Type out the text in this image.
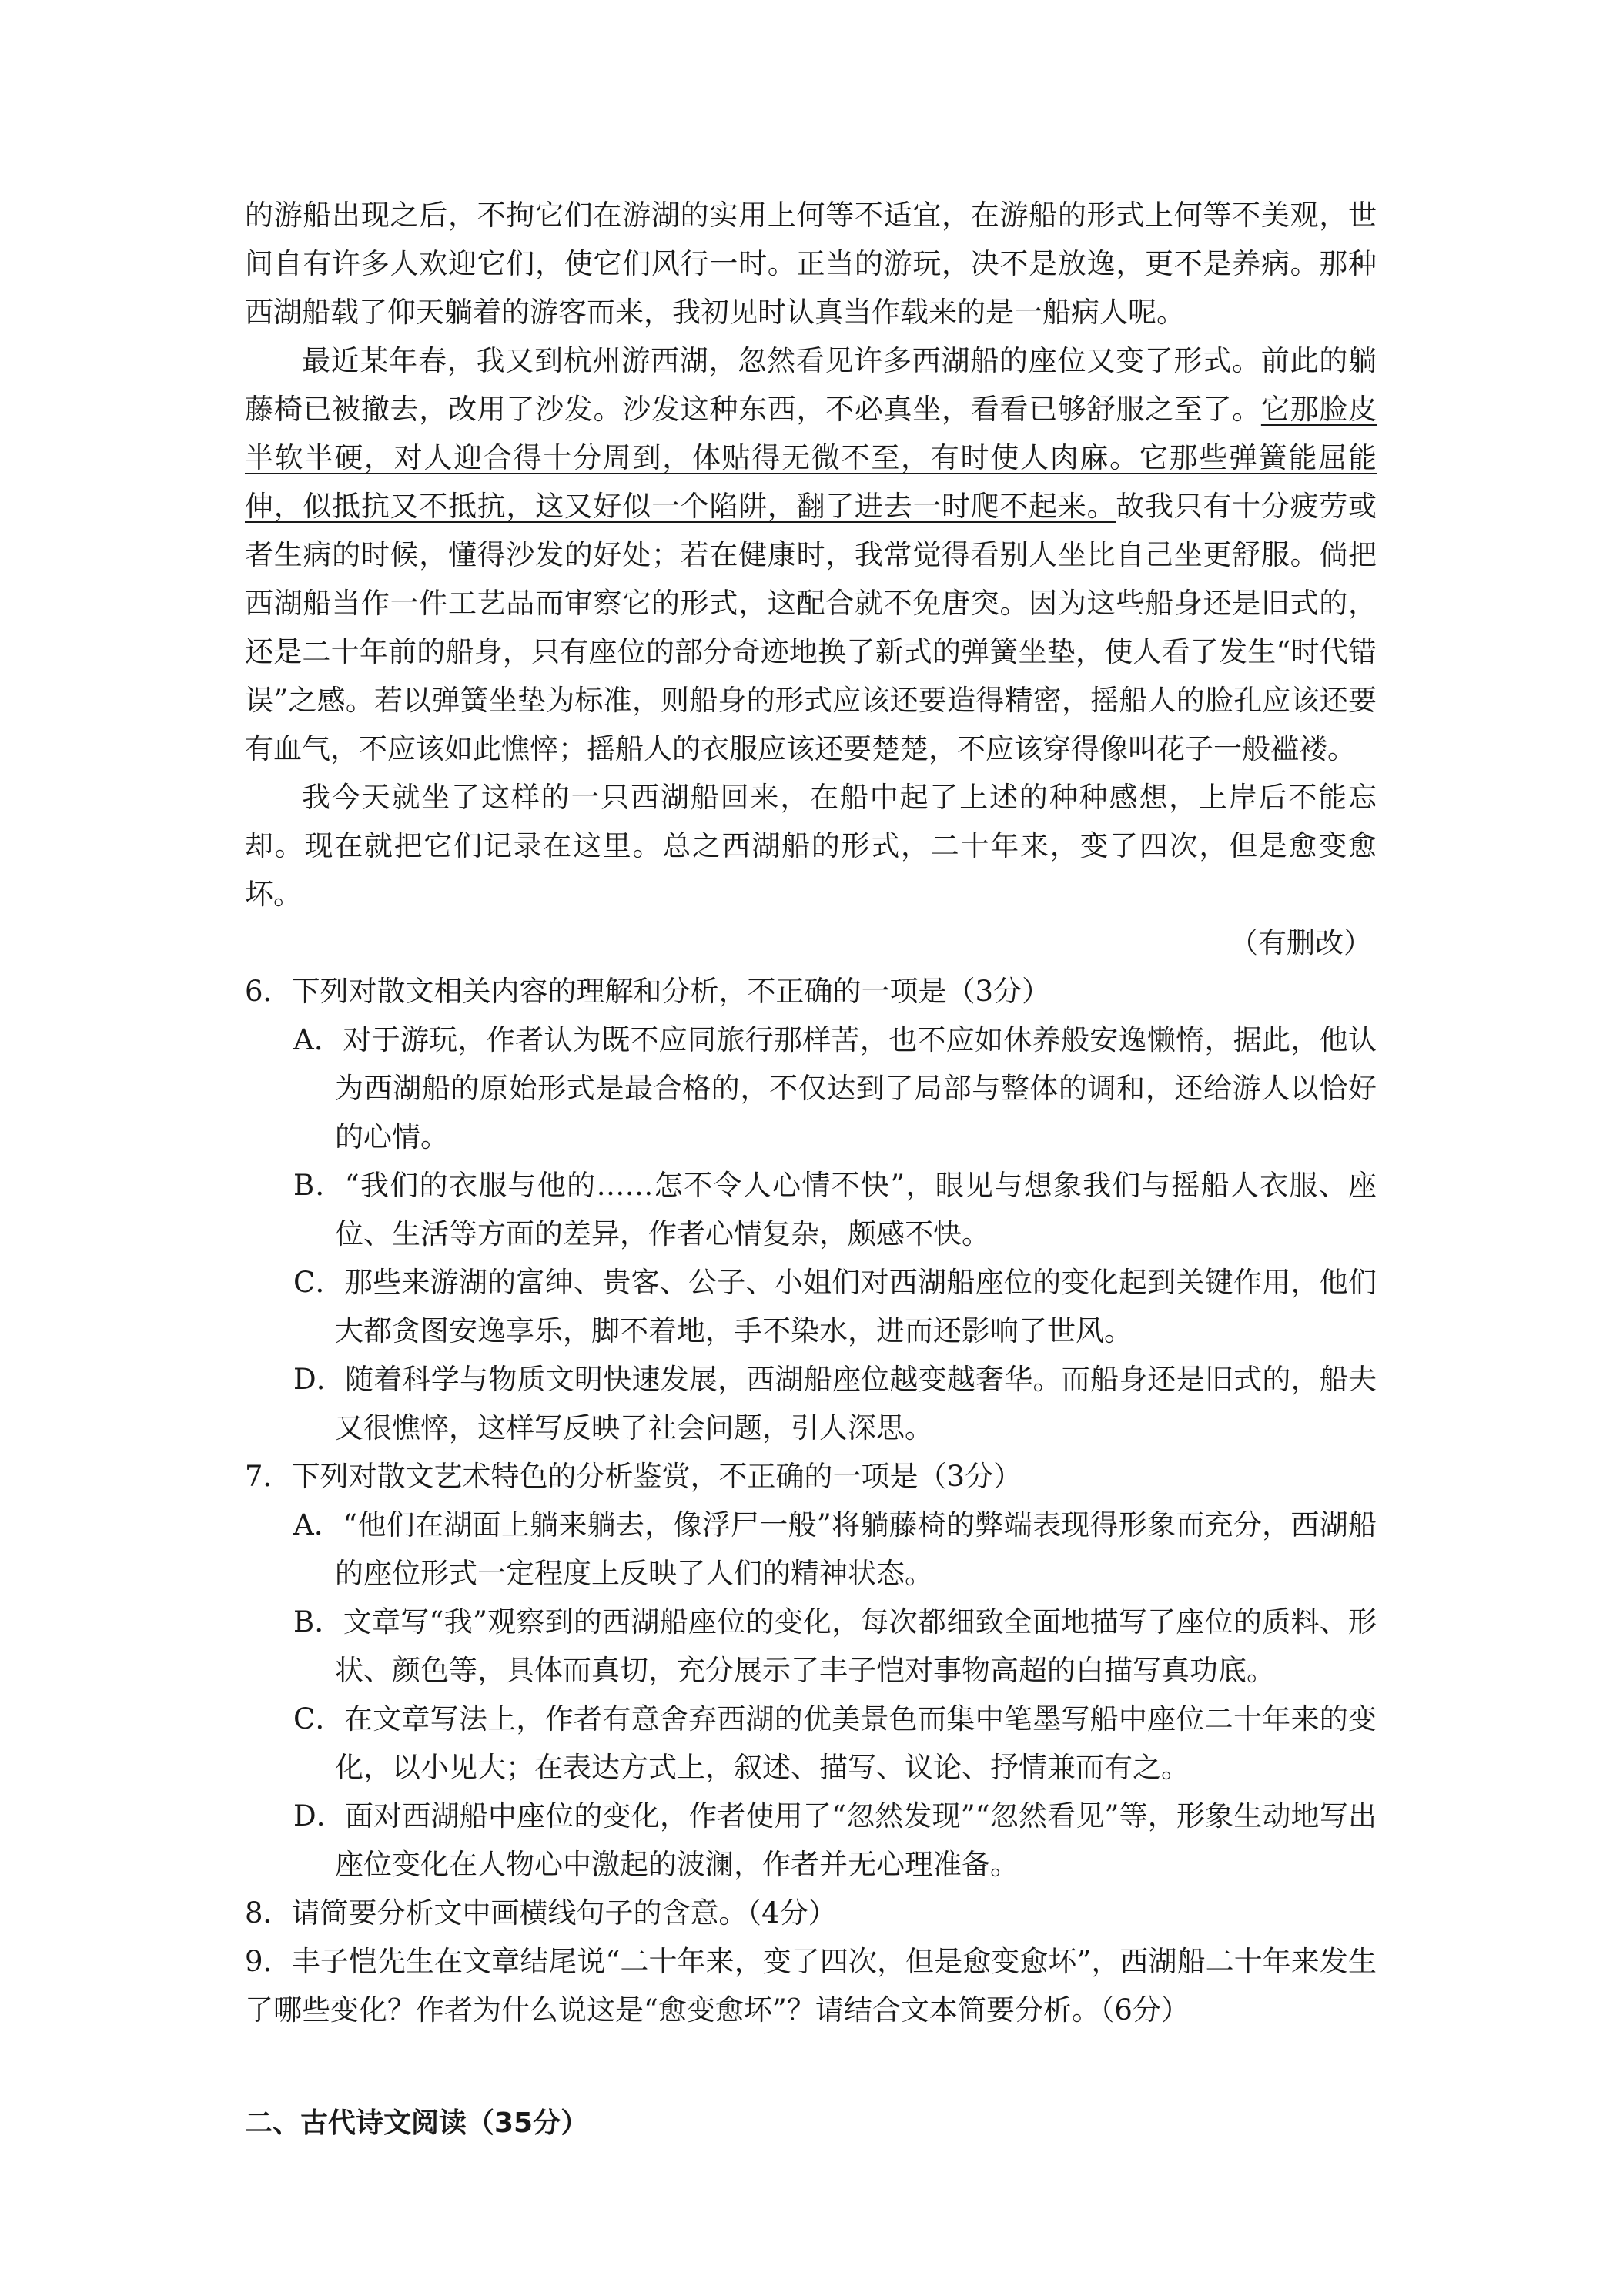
的游船出现之后，不拘它们在游湖的实用上何等不适宜，在游船的形式上何等不美观，世间自有许多人欢迎它们，使它们风行一时。正当的游玩，决不是放逸，更不是养病。那种西湖船载了仰天躺着的游客而来，我初见时认真当作载来的是一船病人呢。

最近某年春，我又到杭州游西湖，忽然看见许多西湖船的座位又变了形式。前此的躺藤椅已被撤去，改用了沙发。沙发这种东西，不必真坐，看看已够舒服之至了。它那脸皮半软半硬，对人迎合得十分周到，体贴得无微不至，有时使人肉麻。它那些弹簧能屈能伸，似抵抗又不抵抗，这又好似一个陷阱，翻了进去一时爬不起来。故我只有十分疲劳或者生病的时候，懂得沙发的好处；若在健康时，我常觉得看别人坐比自己坐更舒服。倘把西湖船当作一件工艺品而审察它的形式，这配合就不免唐突。因为这些船身还是旧式的，还是二十年前的船身，只有座位的部分奇迹地换了新式的弹簧坐垫，使人看了发生“时代错误”之感。若以弹簧坐垫为标准，则船身的形式应该还要造得精密，摇船人的脸孔应该还要有血气，不应该如此憔悴；摇船人的衣服应该还要楚楚，不应该穿得像叫花子一般褴褛。

我今天就坐了这样的一只西湖船回来，在船中起了上述的种种感想，上岸后不能忘却。现在就把它们记录在这里。总之西湖船的形式，二十年来，变了四次，但是愈变愈坏。

（有删改）

6．下列对散文相关内容的理解和分析，不正确的一项是（3分）

A．对于游玩，作者认为既不应同旅行那样苦，也不应如休养般安逸懒惰，据此，他认为西湖船的原始形式是最合格的，不仅达到了局部与整体的调和，还给游人以恰好的心情。

B．“我们的衣服与他的……怎不令人心情不快”，眼见与想象我们与摇船人衣服、座位、生活等方面的差异，作者心情复杂，颇感不快。

C．那些来游湖的富绅、贵客、公子、小姐们对西湖船座位的变化起到关键作用，他们大都贪图安逸享乐，脚不着地，手不染水，进而还影响了世风。

D．随着科学与物质文明快速发展，西湖船座位越变越奢华。而船身还是旧式的，船夫又很憔悴，这样写反映了社会问题，引人深思。

7．下列对散文艺术特色的分析鉴赏，不正确的一项是（3分）

A．“他们在湖面上躺来躺去，像浮尸一般”将躺藤椅的弊端表现得形象而充分，西湖船的座位形式一定程度上反映了人们的精神状态。

B．文章写“我”观察到的西湖船座位的变化，每次都细致全面地描写了座位的质料、形状、颜色等，具体而真切，充分展示了丰子恺对事物高超的白描写真功底。

C．在文章写法上，作者有意舍弃西湖的优美景色而集中笔墨写船中座位二十年来的变化，以小见大；在表达方式上，叙述、描写、议论、抒情兼而有之。

D．面对西湖船中座位的变化，作者使用了“忽然发现”“忽然看见”等，形象生动地写出座位变化在人物心中激起的波澜，作者并无心理准备。

8．请简要分析文中画横线句子的含意。（4分）

9．丰子恺先生在文章结尾说“二十年来，变了四次，但是愈变愈坏”，西湖船二十年来发生了哪些变化？作者为什么说这是“愈变愈坏”？请结合文本简要分析。（6分）

二、古代诗文阅读（35分）
